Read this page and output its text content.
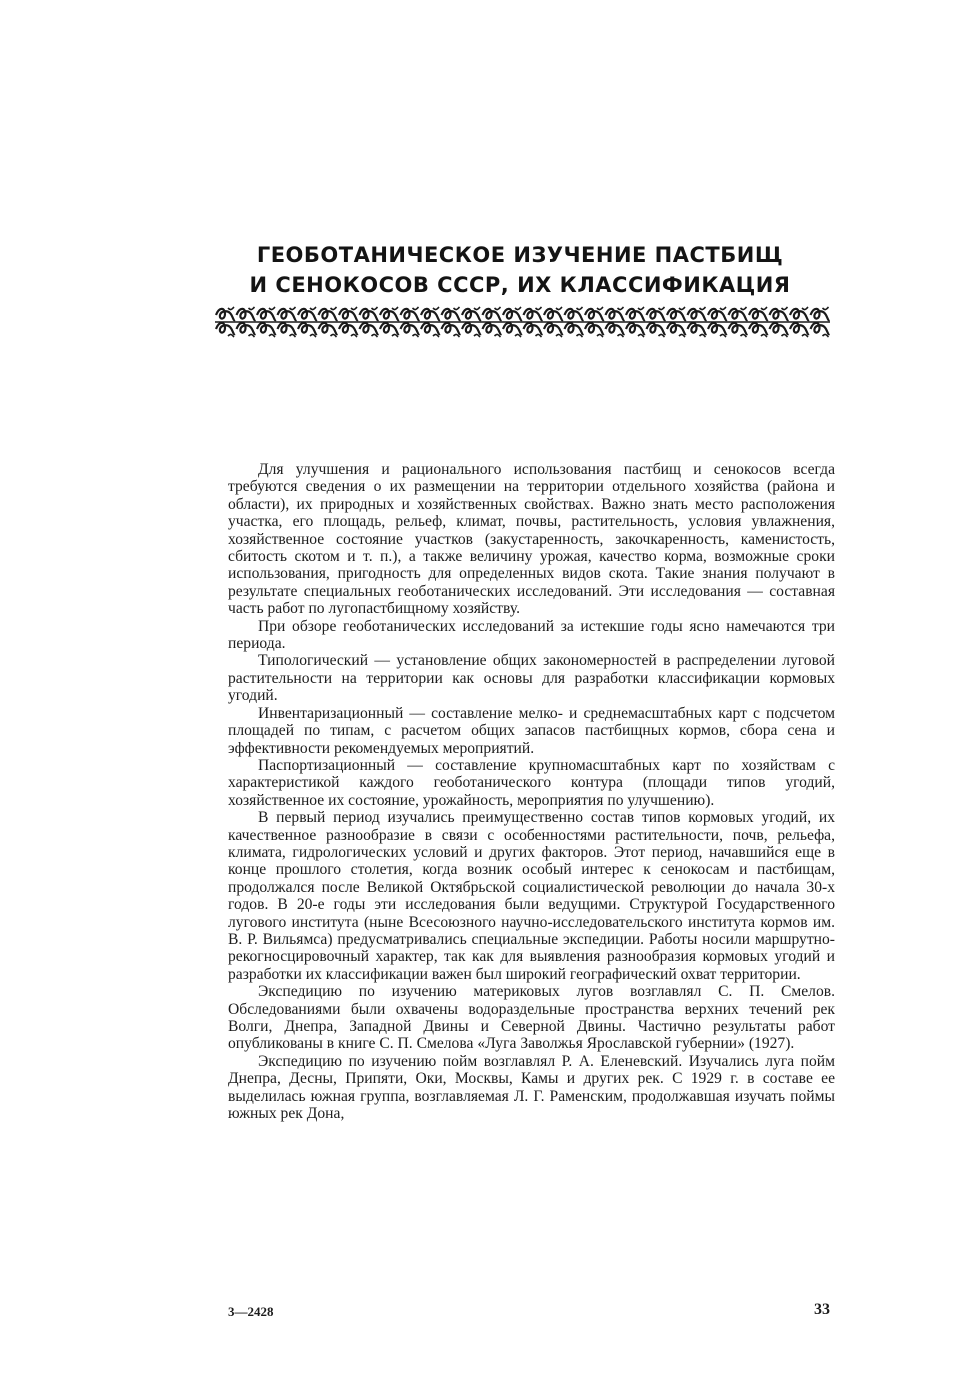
ГЕОБОТАНИЧЕСКОЕ ИЗУЧЕНИЕ ПАСТБИЩ
И СЕНОКОСОВ СССР, ИХ КЛАССИФИКАЦИЯ

Для улучшения и рационального использования пастбищ и сенокосов всегда требуются сведения о их размещении на территории отдельного хозяйства (района и области), их природных и хозяйственных свойствах. Важно знать место расположения участка, его площадь, рельеф, климат, почвы, растительность, условия увлажнения, хозяйственное состояние участков (закустаренность, закочкаренность, каменистость, сбитость скотом и т. п.), а также величину урожая, качество корма, возможные сроки использования, пригодность для определенных видов скота. Такие знания получают в результате специальных геоботанических исследований. Эти исследования — составная часть работ по лугопастбищному хозяйству.

При обзоре геоботанических исследований за истекшие годы ясно намечаются три периода.

Типологический — установление общих закономерностей в распределении луговой растительности на территории как основы для разработки классификации кормовых угодий.

Инвентаризационный — составление мелко- и среднемасштабных карт с подсчетом площадей по типам, с расчетом общих запасов пастбищных кормов, сбора сена и эффективности рекомендуемых мероприятий.

Паспортизационный — составление крупномасштабных карт по хозяйствам с характеристикой каждого геоботанического контура (площади типов угодий, хозяйственное их состояние, урожайность, мероприятия по улучшению).

В первый период изучались преимущественно состав типов кормовых угодий, их качественное разнообразие в связи с особенностями растительности, почв, рельефа, климата, гидрологических условий и других факторов. Этот период, начавшийся еще в конце прошлого столетия, когда возник особый интерес к сенокосам и пастбищам, продолжался после Великой Октябрьской социалистической революции до начала 30-х годов. В 20-е годы эти исследования были ведущими. Структурой Государственного лугового института (ныне Всесоюзного научно-исследовательского института кормов им. В. Р. Вильямса) предусматривались специальные экспедиции. Работы носили маршрутно-рекогносцировочный характер, так как для выявления разнообразия кормовых угодий и разработки их классификации важен был широкий географический охват территории.

Экспедицию по изучению материковых лугов возглавлял С. П. Смелов. Обследованиями были охвачены водораздельные пространства верхних течений рек Волги, Днепра, Западной Двины и Северной Двины. Частично результаты работ опубликованы в книге С. П. Смелова «Луга Заволжья Ярославской губернии» (1927).

Экспедицию по изучению пойм возглавлял Р. А. Еленевский. Изучались луга пойм Днепра, Десны, Припяти, Оки, Москвы, Камы и других рек. С 1929 г. в составе ее выделилась южная группа, возглавляемая Л. Г. Раменским, продолжавшая изучать поймы южных рек Дона,

3—2428	33
